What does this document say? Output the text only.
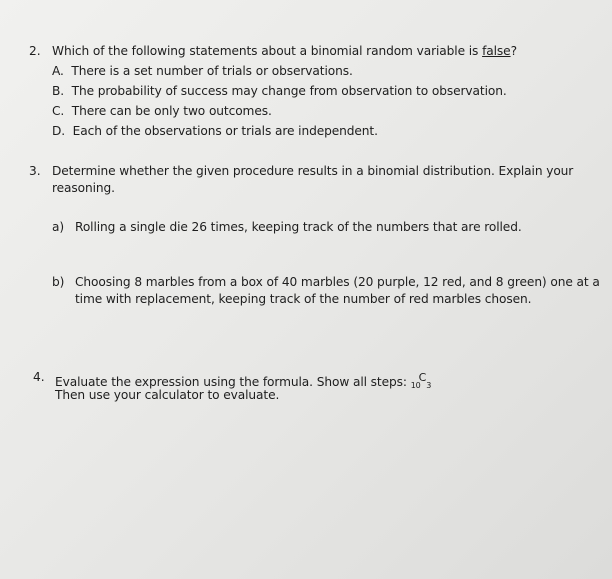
2. Which of the following statements about a binomial random variable is false?
A. There is a set number of trials or observations.
B. The probability of success may change from observation to observation.
C. There can be only two outcomes.
D. Each of the observations or trials are independent.
3. Determine whether the given procedure results in a binomial distribution. Explain your
reasoning.
a) Rolling a single die 26 times, keeping track of the numbers that are rolled.
b) Choosing 8 marbles from a box of 40 marbles (20 purple, 12 red, and 8 green) one at a
time with replacement, keeping track of the number of red marbles chosen.
4. Evaluate the expression using the formula. Show all steps: $_{10}C_3$
Then use your calculator to evaluate.
